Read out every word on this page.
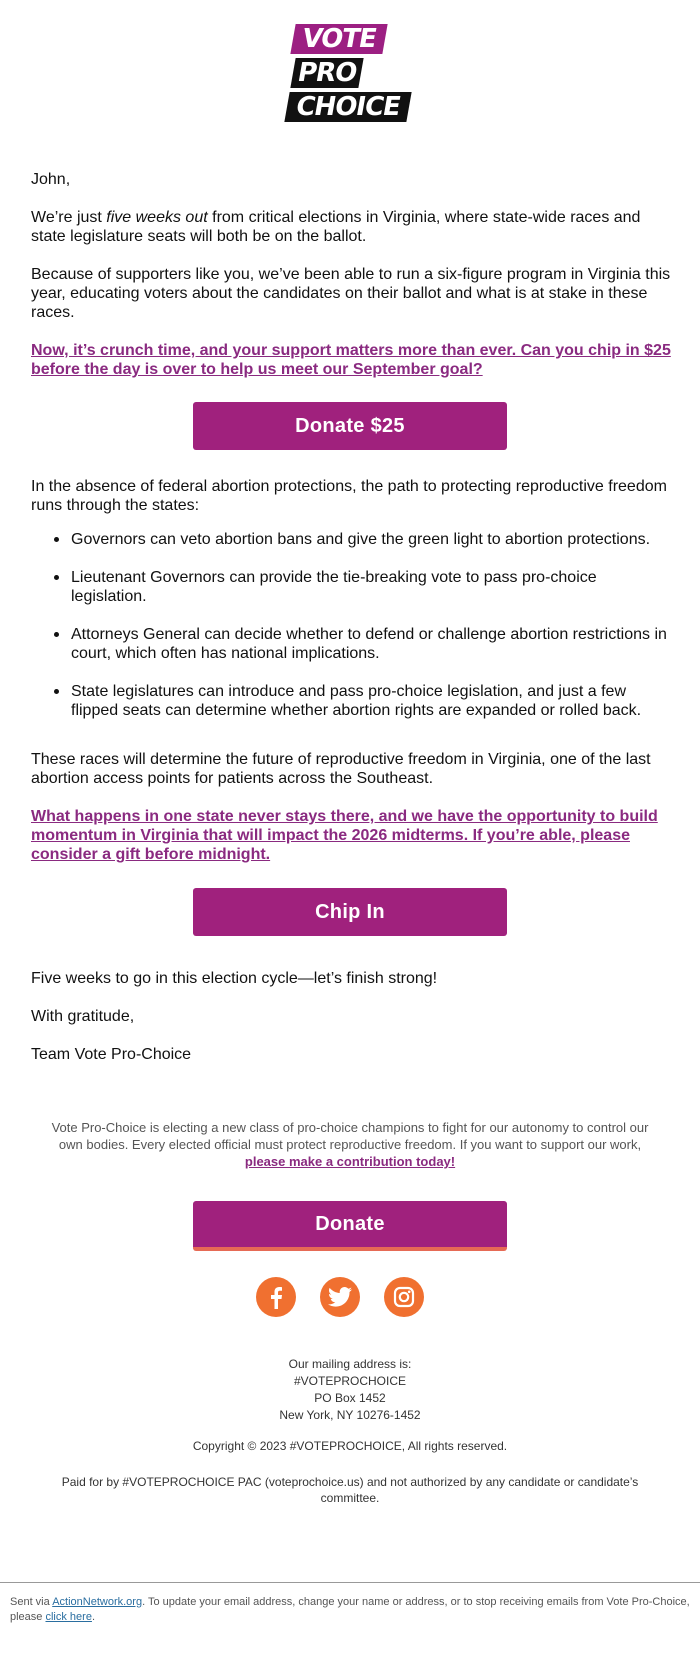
VOTE
PRO
CHOICE

John,

We’re just five weeks out from critical elections in Virginia, where state-wide races and state legislature seats will both be on the ballot.

Because of supporters like you, we’ve been able to run a six-figure program in Virginia this year, educating voters about the candidates on their ballot and what is at stake in these races.

Now, it’s crunch time, and your support matters more than ever. Can you chip in $25 before the day is over to help us meet our September goal?

Donate $25

In the absence of federal abortion protections, the path to protecting reproductive freedom runs through the states:

Governors can veto abortion bans and give the green light to abortion protections.
Lieutenant Governors can provide the tie-breaking vote to pass pro-choice legislation.
Attorneys General can decide whether to defend or challenge abortion restrictions in court, which often has national implications.
State legislatures can introduce and pass pro-choice legislation, and just a few flipped seats can determine whether abortion rights are expanded or rolled back.

These races will determine the future of reproductive freedom in Virginia, one of the last abortion access points for patients across the Southeast.

What happens in one state never stays there, and we have the opportunity to build momentum in Virginia that will impact the 2026 midterms. If you’re able, please consider a gift before midnight.

Chip In

Five weeks to go in this election cycle—let’s finish strong!

With gratitude,

Team Vote Pro-Choice

Vote Pro-Choice is electing a new class of pro-choice champions to fight for our autonomy to control our own bodies. Every elected official must protect reproductive freedom. If you want to support our work, please make a contribution today!
Donate
Our mailing address is:
#VOTEPROCHOICE
PO Box 1452
New York, NY 10276-1452
Copyright © 2023 #VOTEPROCHOICE, All rights reserved.
Paid for by #VOTEPROCHOICE PAC (voteprochoice.us) and not authorized by any candidate or candidate’s committee.
Sent via ActionNetwork.org. To update your email address, change your name or address, or to stop receiving emails from Vote Pro-Choice, please click here.
